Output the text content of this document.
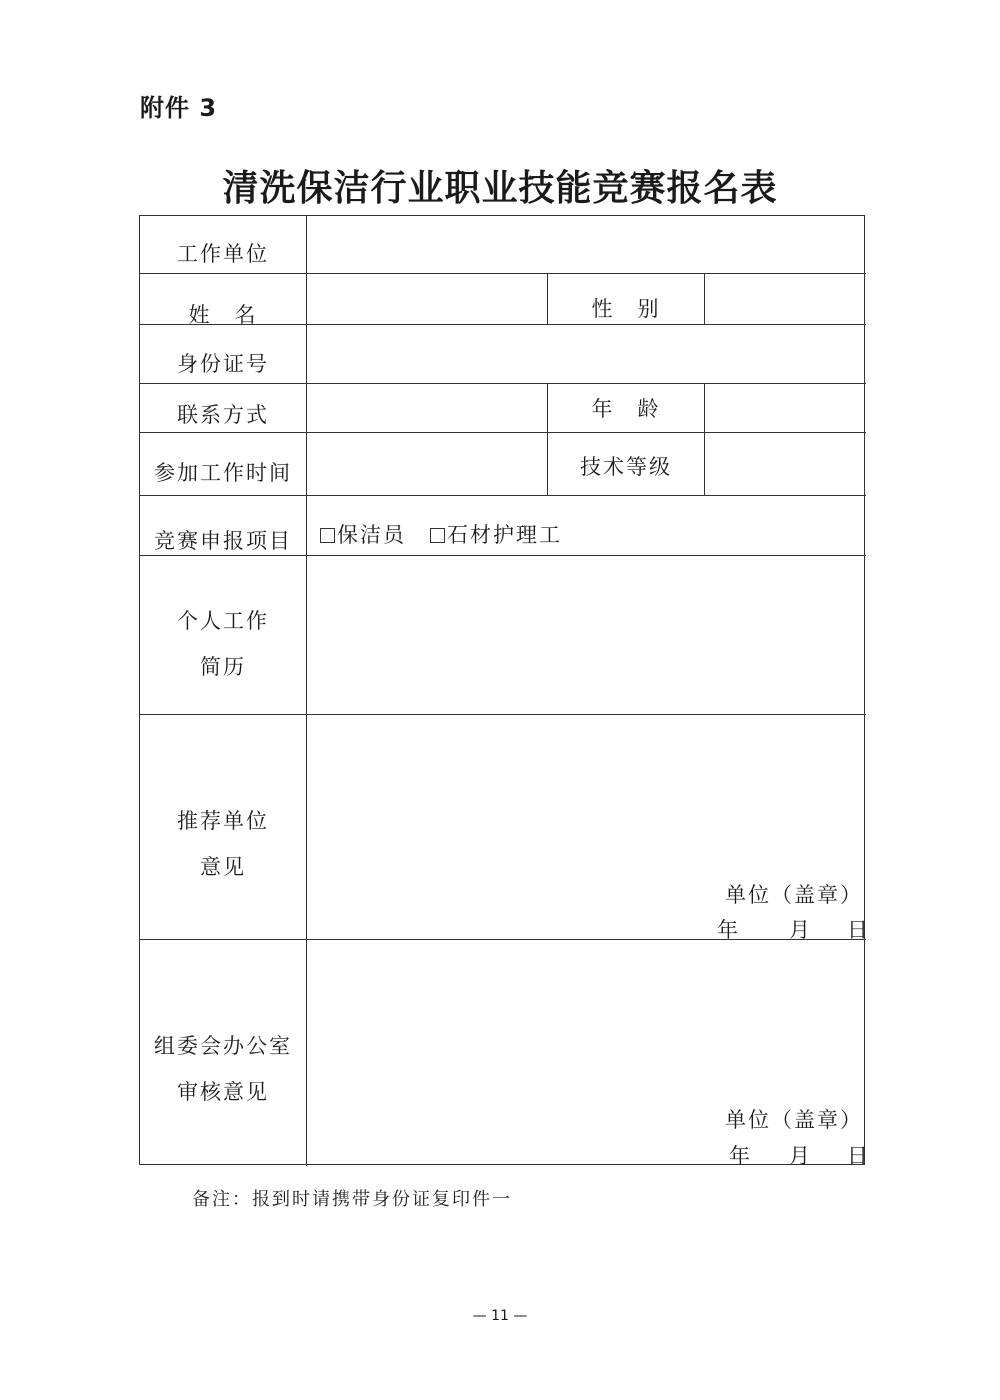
附件 3
清洗保洁行业职业技能竞赛报名表
工作单位
姓　名	性　别
身份证号
联系方式	年　龄
参加工作时间	技术等级
竞赛申报项目	保洁员 石材护理工
个人工作
简历
推荐单位
意见
单位（盖章）
年 月 日
组委会办公室
审核意见
单位（盖章）
年 月 日
备注：报到时请携带身份证复印件一
— 11 —
